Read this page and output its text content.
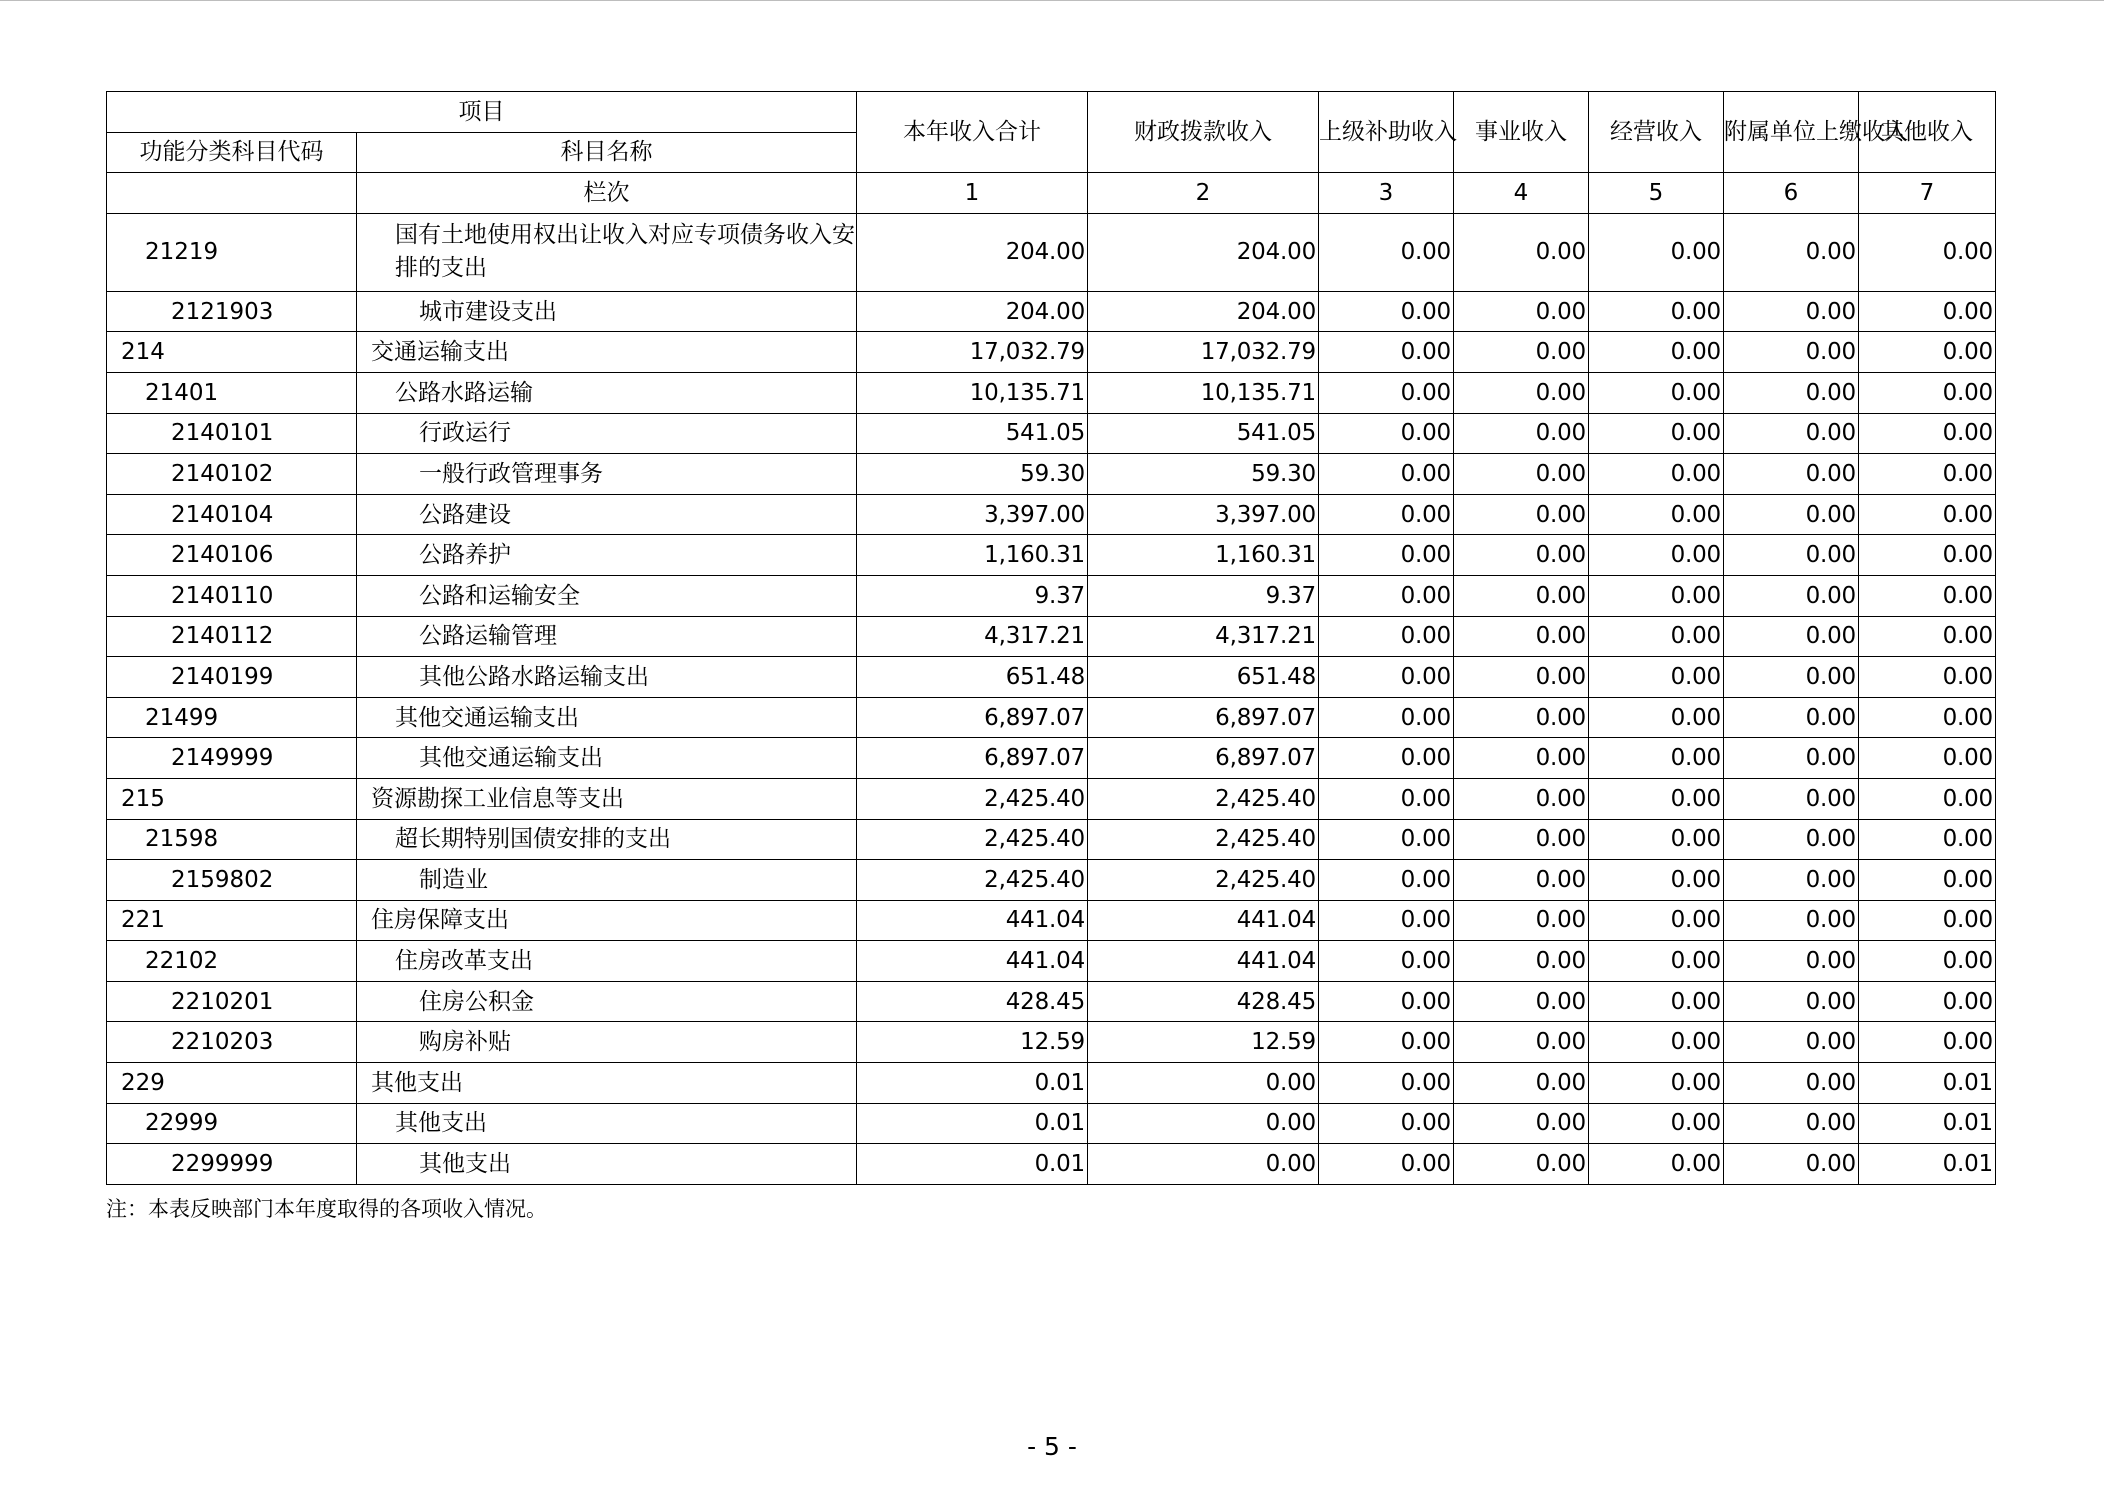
项目		本年收入合计	财政拨款收入	上级补助收入	事业收入	经营收入	附属单位上缴收入	其他收入
功能分类科目代码	科目名称							
	栏次	1	2	3	4	5	6	7
21219	国有土地使用权出让收入对应专项债务收入安排的支出	204.00	204.00	0.00	0.00	0.00	0.00	0.00
2121903	城市建设支出	204.00	204.00	0.00	0.00	0.00	0.00	0.00
214	交通运输支出	17,032.79	17,032.79	0.00	0.00	0.00	0.00	0.00
21401	公路水路运输	10,135.71	10,135.71	0.00	0.00	0.00	0.00	0.00
2140101	行政运行	541.05	541.05	0.00	0.00	0.00	0.00	0.00
2140102	一般行政管理事务	59.30	59.30	0.00	0.00	0.00	0.00	0.00
2140104	公路建设	3,397.00	3,397.00	0.00	0.00	0.00	0.00	0.00
2140106	公路养护	1,160.31	1,160.31	0.00	0.00	0.00	0.00	0.00
2140110	公路和运输安全	9.37	9.37	0.00	0.00	0.00	0.00	0.00
2140112	公路运输管理	4,317.21	4,317.21	0.00	0.00	0.00	0.00	0.00
2140199	其他公路水路运输支出	651.48	651.48	0.00	0.00	0.00	0.00	0.00
21499	其他交通运输支出	6,897.07	6,897.07	0.00	0.00	0.00	0.00	0.00
2149999	其他交通运输支出	6,897.07	6,897.07	0.00	0.00	0.00	0.00	0.00
215	资源勘探工业信息等支出	2,425.40	2,425.40	0.00	0.00	0.00	0.00	0.00
21598	超长期特别国债安排的支出	2,425.40	2,425.40	0.00	0.00	0.00	0.00	0.00
2159802	制造业	2,425.40	2,425.40	0.00	0.00	0.00	0.00	0.00
221	住房保障支出	441.04	441.04	0.00	0.00	0.00	0.00	0.00
22102	住房改革支出	441.04	441.04	0.00	0.00	0.00	0.00	0.00
2210201	住房公积金	428.45	428.45	0.00	0.00	0.00	0.00	0.00
2210203	购房补贴	12.59	12.59	0.00	0.00	0.00	0.00	0.00
229	其他支出	0.01	0.00	0.00	0.00	0.00	0.00	0.01
22999	其他支出	0.01	0.00	0.00	0.00	0.00	0.00	0.01
2299999	其他支出	0.01	0.00	0.00	0.00	0.00	0.00	0.01
注：本表反映部门本年度取得的各项收入情况。
- 5 -
